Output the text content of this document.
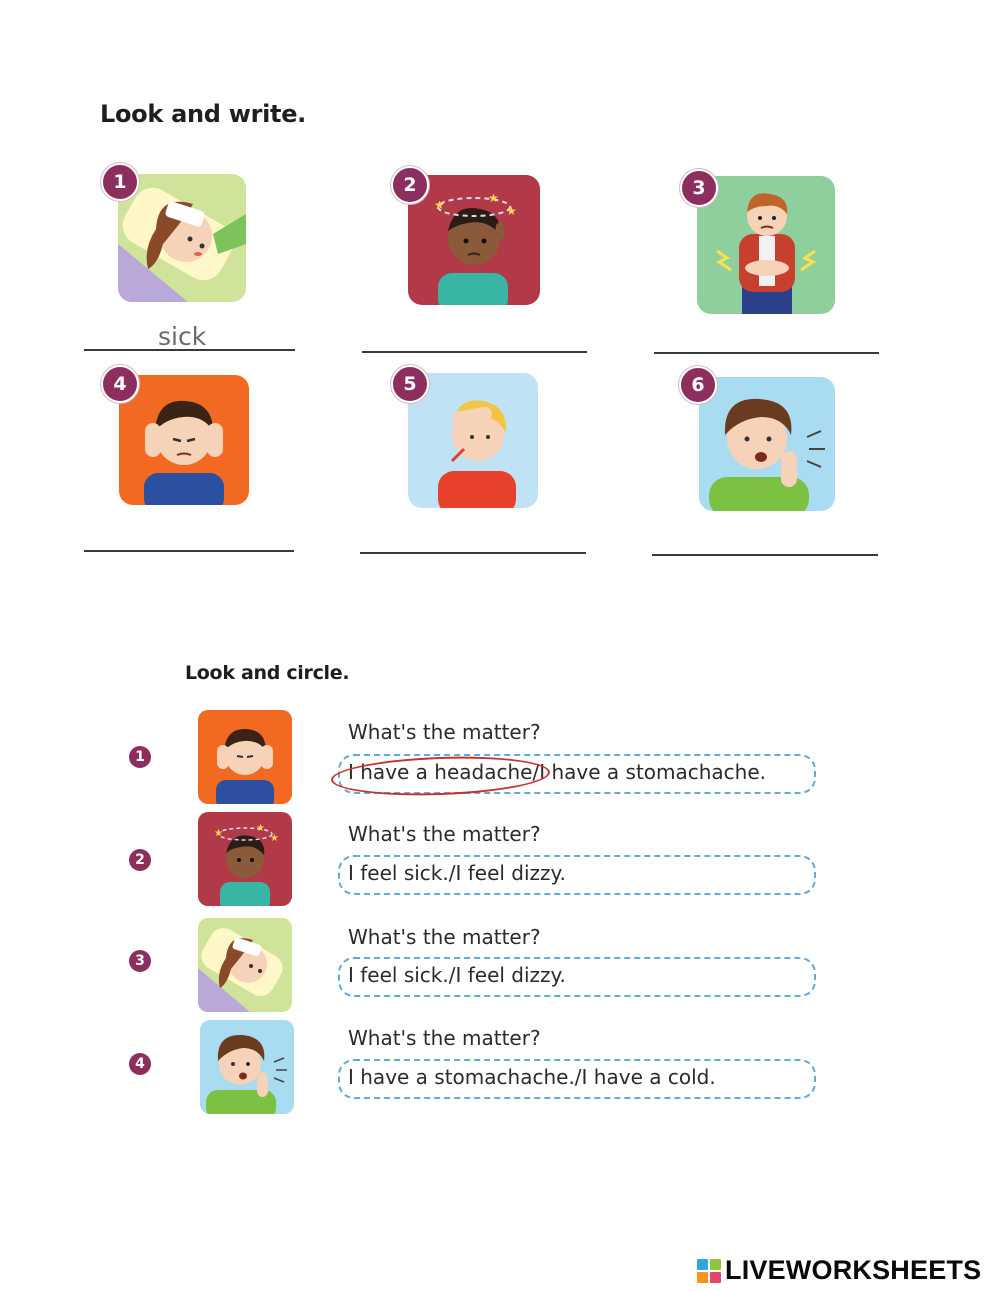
Look and write.
1
★	★
★
2	3
sick
4	5	6
Look and circle.
1
What's the matter?
I have a headache/I have a stomachache.
2
★	★
★	What's the matter?
I feel sick./I feel dizzy.
3
What's the matter?
I feel sick./I feel dizzy.
4
What's the matter?
I have a stomachache./I have a cold.
LIVEWORKSHEETS
